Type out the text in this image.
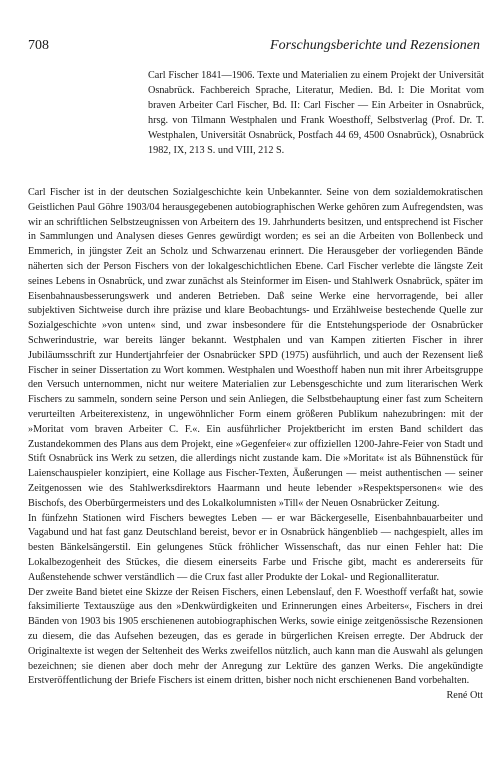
708	Forschungsberichte und Rezensionen
Carl Fischer 1841—1906. Texte und Materialien zu einem Projekt der Universität Osnabrück. Fachbereich Sprache, Literatur, Medien. Bd. I: Die Moritat vom braven Arbeiter Carl Fischer, Bd. II: Carl Fischer — Ein Arbeiter in Osnabrück, hrsg. von Tilmann Westphalen und Frank Woesthoff, Selbstverlag (Prof. Dr. T. Westphalen, Universität Osnabrück, Postfach 44 69, 4500 Osnabrück), Osnabrück 1982, IX, 213 S. und VIII, 212 S.

Carl Fischer ist in der deutschen Sozialgeschichte kein Unbekannter. Seine von dem sozialdemokratischen Geistlichen Paul Göhre 1903/04 herausgegebenen autobiographischen Werke gehören zum Aufregendsten, was wir an schriftlichen Selbstzeugnissen von Arbeitern des 19. Jahrhunderts besitzen, und entsprechend ist Fischer in Sammlungen und Analysen dieses Genres gewürdigt worden; es sei an die Arbeiten von Bollenbeck und Emmerich, in jüngster Zeit an Scholz und Schwarzenau erinnert. Die Herausgeber der vorliegenden Bände näherten sich der Person Fischers von der lokalgeschichtlichen Ebene. Carl Fischer verlebte die längste Zeit seines Lebens in Osnabrück, und zwar zunächst als Steinformer im Eisen- und Stahlwerk Osnabrück, später im Eisenbahnausbesserungswerk und anderen Betrieben. Daß seine Werke eine hervorragende, bei aller subjektiven Sichtweise durch ihre präzise und klare Beobachtungs- und Erzählweise bestechende Quelle zur Sozialgeschichte »von unten« sind, und zwar insbesondere für die Entstehungsperiode der Osnabrücker Schwerindustrie, war bereits länger bekannt. Westphalen und van Kampen zitierten Fischer in ihrer Jubiläumsschrift zur Hundertjahrfeier der Osnabrücker SPD (1975) ausführlich, und auch der Rezensent ließ Fischer in seiner Dissertation zu Wort kommen. Westphalen und Woesthoff haben nun mit ihrer Arbeitsgruppe den Versuch unternommen, nicht nur weitere Materialien zur Lebensgeschichte und zum literarischen Werk Fischers zu sammeln, sondern seine Person und sein Anliegen, die Selbstbehauptung einer fast zum Scheitern verurteilten Arbeiterexistenz, in ungewöhnlicher Form einem größeren Publikum nahezubringen: mit der »Moritat vom braven Arbeiter C. F.«. Ein ausführlicher Projektbericht im ersten Band schildert das Zustandekommen des Plans aus dem Projekt, eine »Gegenfeier« zur offiziellen 1200-Jahre-Feier von Stadt und Stift Osnabrück ins Werk zu setzen, die allerdings nicht zustande kam. Die »Moritat« ist als Bühnenstück für Laienschauspieler konzipiert, eine Kollage aus Fischer-Texten, Äußerungen — meist authentischen — seiner Zeitgenossen wie des Stahlwerksdirektors Haarmann und heute lebender »Respektspersonen« wie des Bischofs, des Oberbürgermeisters und des Lokalkolumnisten »Till« der Neuen Osnabrücker Zeitung.

In fünfzehn Stationen wird Fischers bewegtes Leben — er war Bäckergeselle, Eisenbahnbauarbeiter und Vagabund und hat fast ganz Deutschland bereist, bevor er in Osnabrück hängenblieb — nachgespielt, alles im besten Bänkelsängerstil. Ein gelungenes Stück fröhlicher Wissenschaft, das nur einen Fehler hat: Die Lokalbezogenheit des Stückes, die diesem einerseits Farbe und Frische gibt, macht es andererseits für Außenstehende schwer verständlich — die Crux fast aller Produkte der Lokal- und Regionalliteratur.

Der zweite Band bietet eine Skizze der Reisen Fischers, einen Lebenslauf, den F. Woesthoff verfaßt hat, sowie faksimilierte Textauszüge aus den »Denkwürdigkeiten und Erinnerungen eines Arbeiters«, Fischers in drei Bänden von 1903 bis 1905 erschienenen autobiographischen Werks, sowie einige zeitgenössische Rezensionen zu diesem, die das Aufsehen bezeugen, das es gerade in bürgerlichen Kreisen erregte. Der Abdruck der Originaltexte ist wegen der Seltenheit des Werks zweifellos nützlich, auch kann man die Auswahl als gelungen bezeichnen; sie dienen aber doch mehr der Anregung zur Lektüre des ganzen Werks. Die angekündigte Erstveröffentlichung der Briefe Fischers ist einem dritten, bisher noch nicht erschienenen Band vorbehalten.

René Ott
